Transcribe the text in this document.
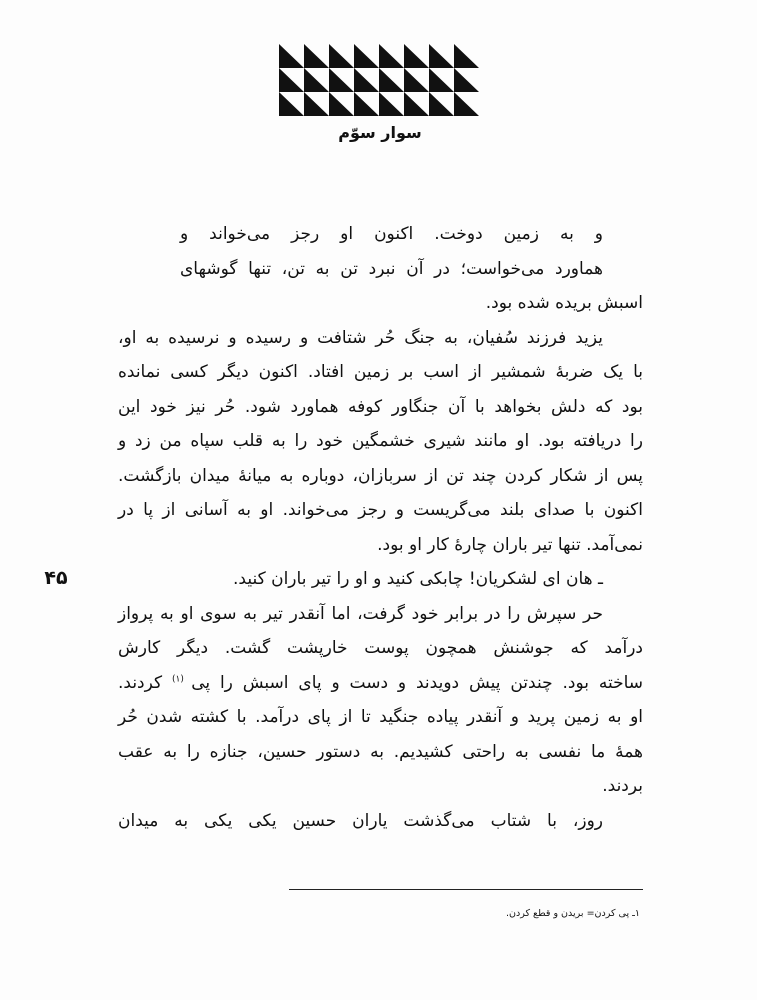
سوار سوّم
و به زمین دوخت. اکنون او رجز می‌خواند و
هماورد می‌خواست؛ در آن نبرد تن به تن، تنها گوشهای
اسبش بریده شده بود.
یزید فرزند سُفیان، به جنگ حُر شتافت و رسیده و نرسیده به او،
با یک ضربهٔ شمشیر از اسب بر زمین افتاد. اکنون دیگر کسی نمانده
بود که دلش بخواهد با آن جنگاور کوفه هماورد شود. حُر نیز خود این
را دریافته بود. او مانند شیری خشمگین خود را به قلب سپاه من زد و
پس از شکار کردن چند تن از سربازان، دوباره به میانهٔ میدان بازگشت.
اکنون با صدای بلند می‌گریست و رجز می‌خواند. او به آسانی از پا در
نمی‌آمد. تنها تیر باران چارهٔ کار او بود.
ـ هان ای لشکریان! چابکی کنید و او را تیر باران کنید.
حر سپرش را در برابر خود گرفت، اما آنقدر تیر به سوی او به پرواز
درآمد که جوشنش همچون پوست خارپشت گشت. دیگر کارش
ساخته بود. چندتن پیش دویدند و دست و پای اسبش را پی $^{(۱)}$ کردند.
او به زمین پرید و آنقدر پیاده جنگید تا از پای درآمد. با کشته شدن حُر
همهٔ ما نفسی به راحتی کشیدیم. به دستور حسین، جنازه را به عقب
بردند.
روز، با شتاب می‌گذشت یاران حسین یکی یکی به میدان
۴۵
۱ـ پی کردن= بریدن و قطع کردن.
